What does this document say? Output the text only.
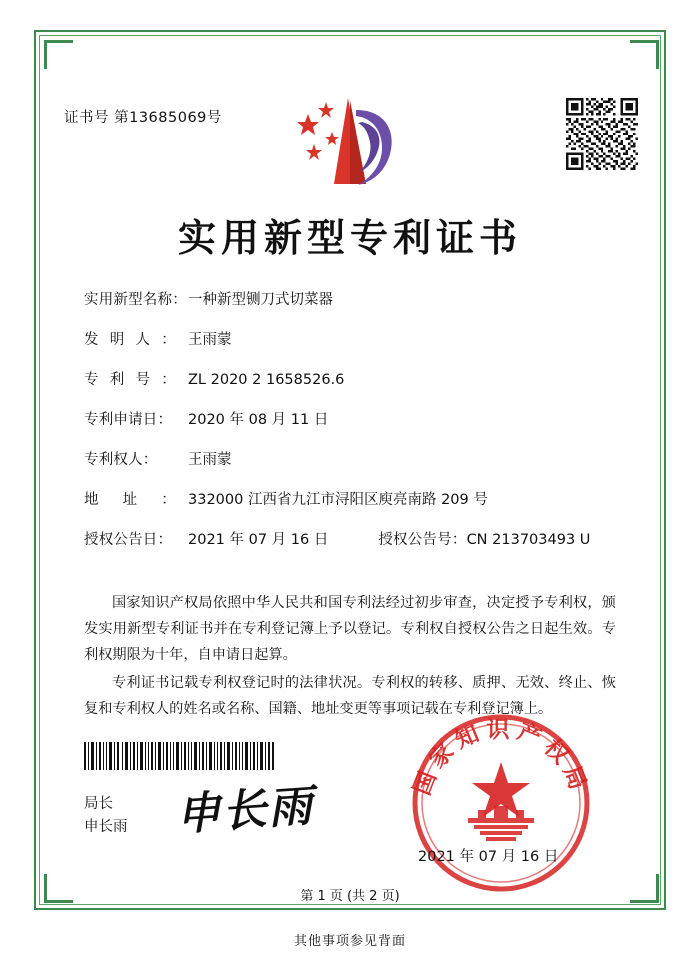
证书号 第13685069号
实用新型专利证书
实用新型名称： 一种新型铡刀式切菜器
发明人： 王雨蒙
专利号： ZL 2020 2 1658526.6
专利申请日：	2020 年 08 月 11 日
专利权人：	王雨蒙
地址： 332000 江西省九江市浔阳区庾亮南路 209 号
授权公告日：	2021 年 07 月 16 日	授权公告号： CN 213703493 U

国家知识产权局依照中华人民共和国专利法经过初步审查，决定授予专利权，颁发实用新型专利证书并在专利登记簿上予以登记。专利权自授权公告之日起生效。专利权期限为十年，自申请日起算。

专利证书记载专利权登记时的法律状况。专利权的转移、质押、无效、终止、恢复和专利权人的姓名或名称、国籍、地址变更等事项记载在专利登记簿上。

局长
申长雨 申长雨	国家知识产权局
2021 年 07 月 16 日
第 1 页 (共 2 页)
其他事项参见背面
